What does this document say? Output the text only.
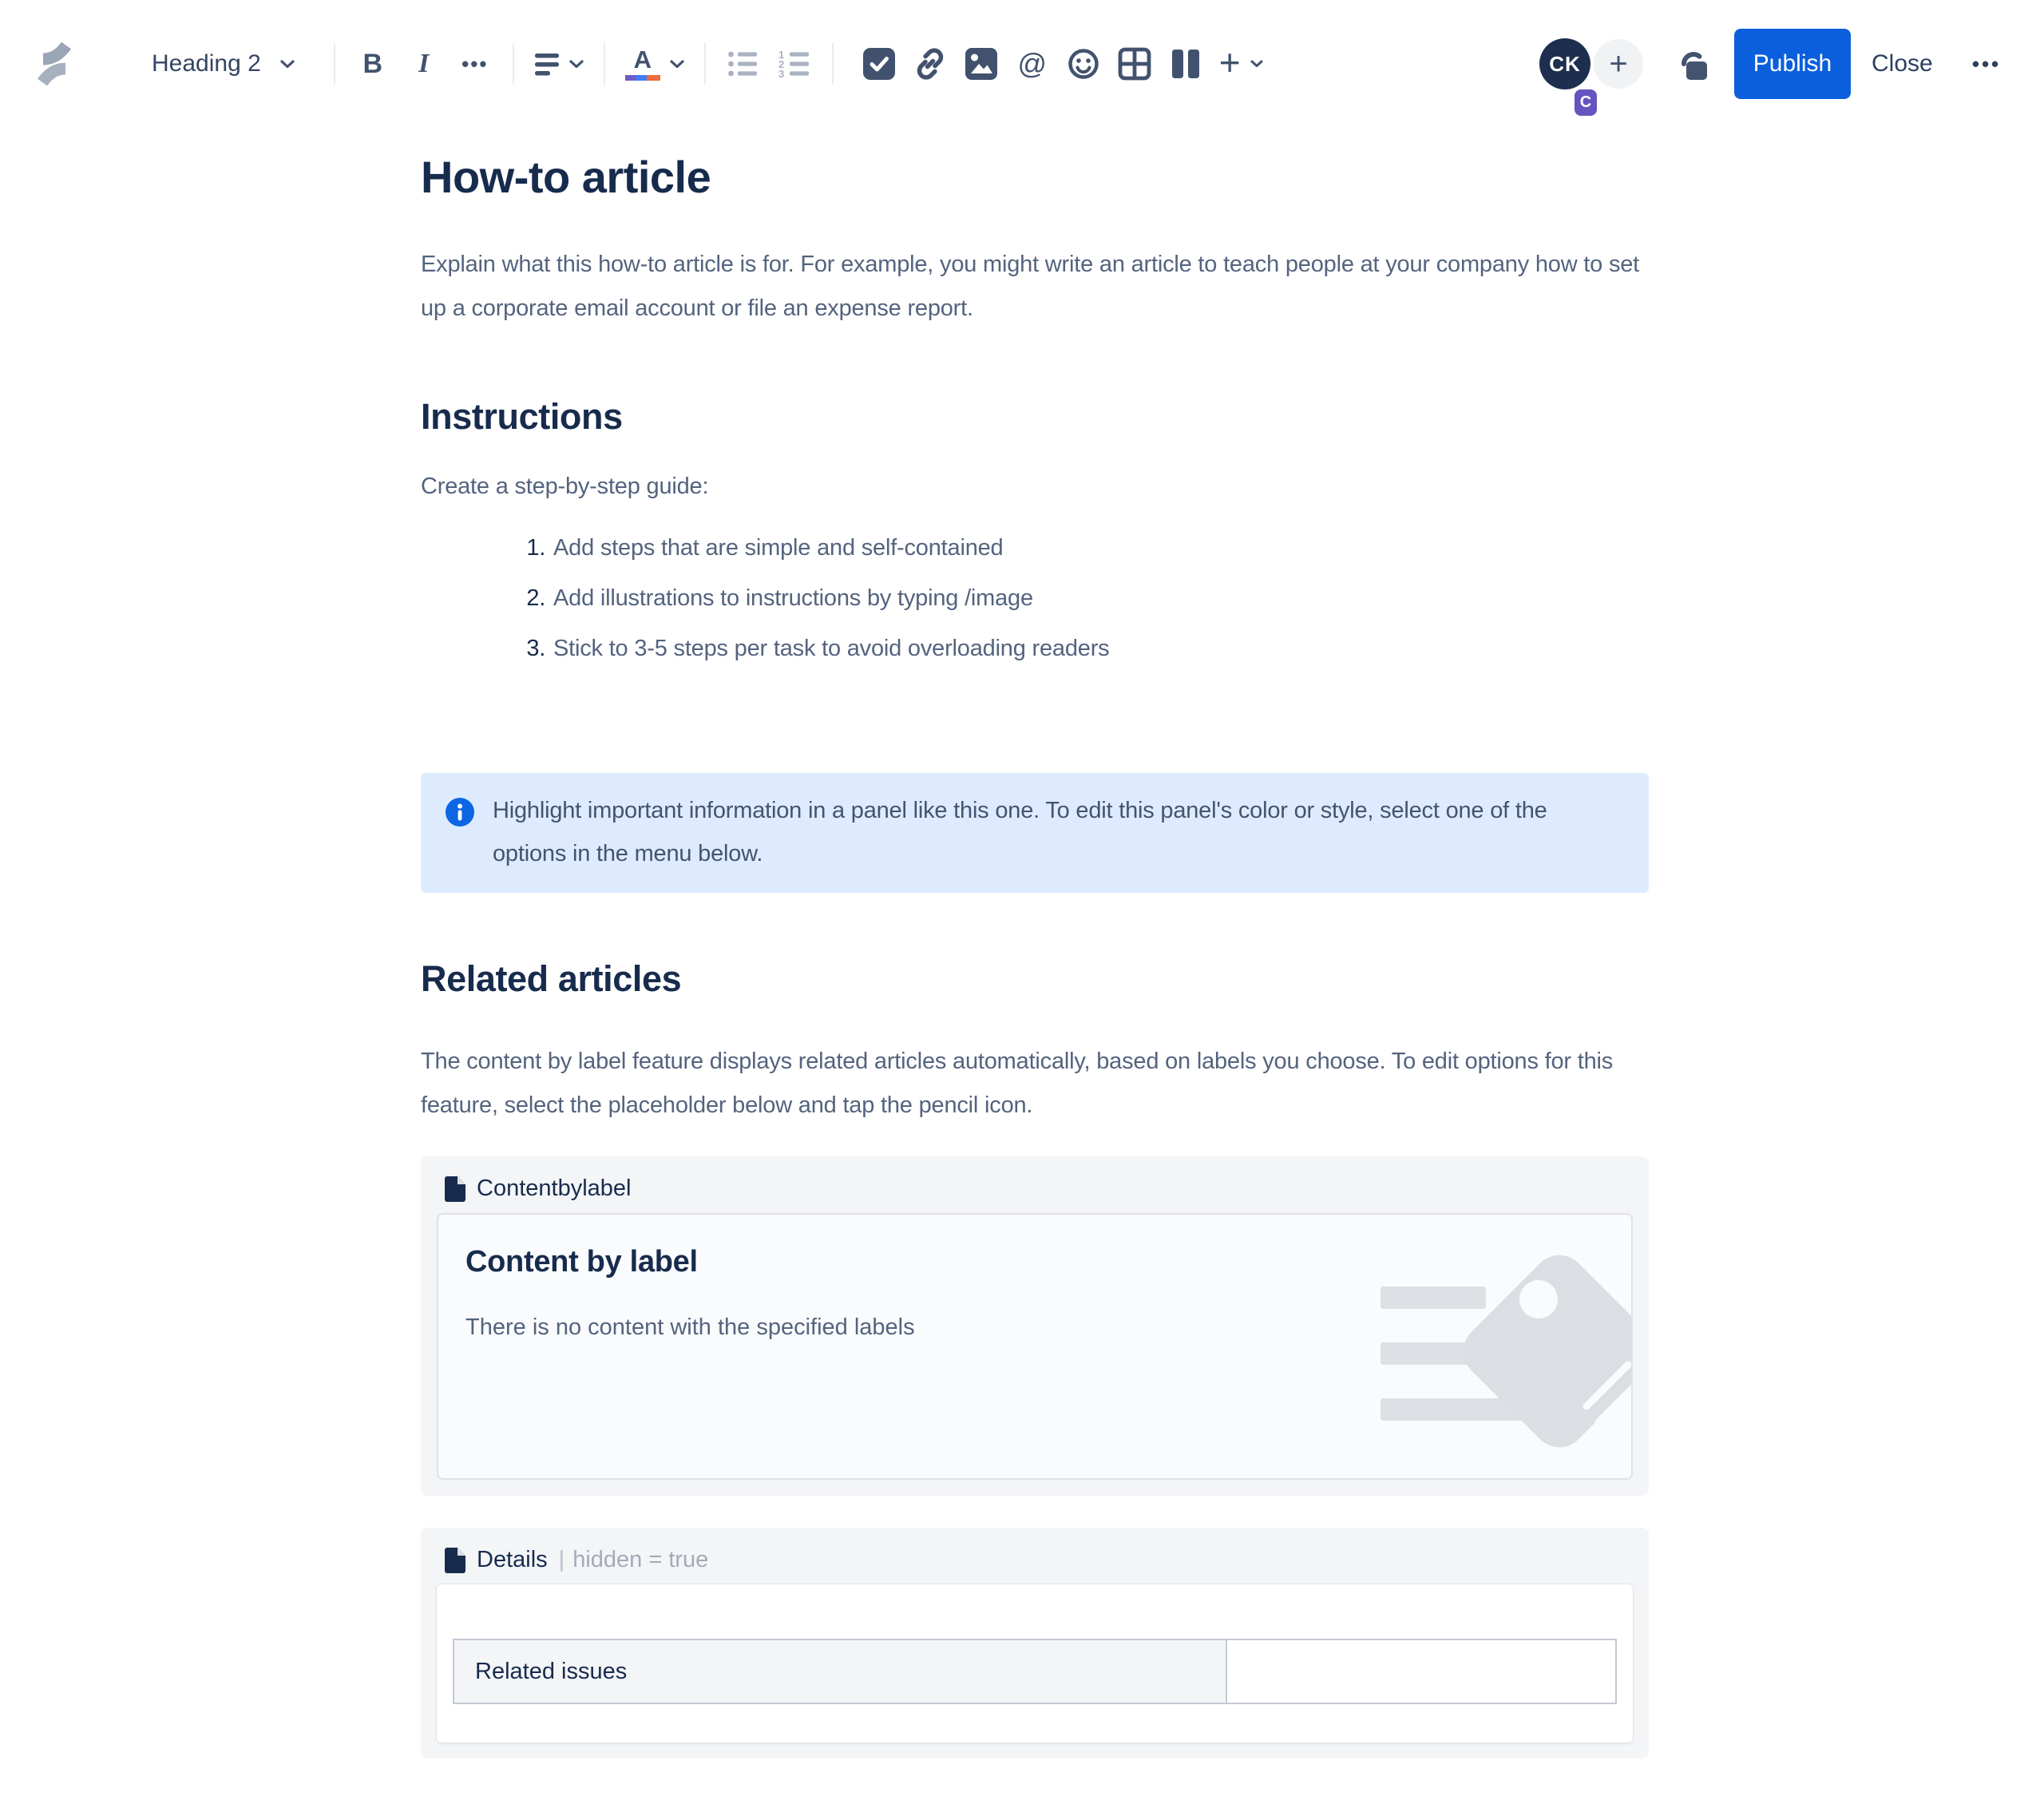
Heading 2	B	I	•••	A	1
2
3	@	+	+
CK
C
Publish	Close	•••
How-to article

Explain what this how-to article is for. For example, you might write an article to teach people at your company how to set up a corporate email account or file an expense report.

Instructions

Create a step-by-step guide:

1. Add steps that are simple and self-contained
2. Add illustrations to instructions by typing /image
3. Stick to 3-5 steps per task to avoid overloading readers

Highlight important information in a panel like this one. To edit this panel's color or style, select one of the options in the menu below.

Related articles

The content by label feature displays related articles automatically, based on labels you choose. To edit options for this feature, select the placeholder below and tap the pencil icon.

Contentbylabel
Content by label

There is no content with the specified labels

Details | hidden = true
Related issues	
